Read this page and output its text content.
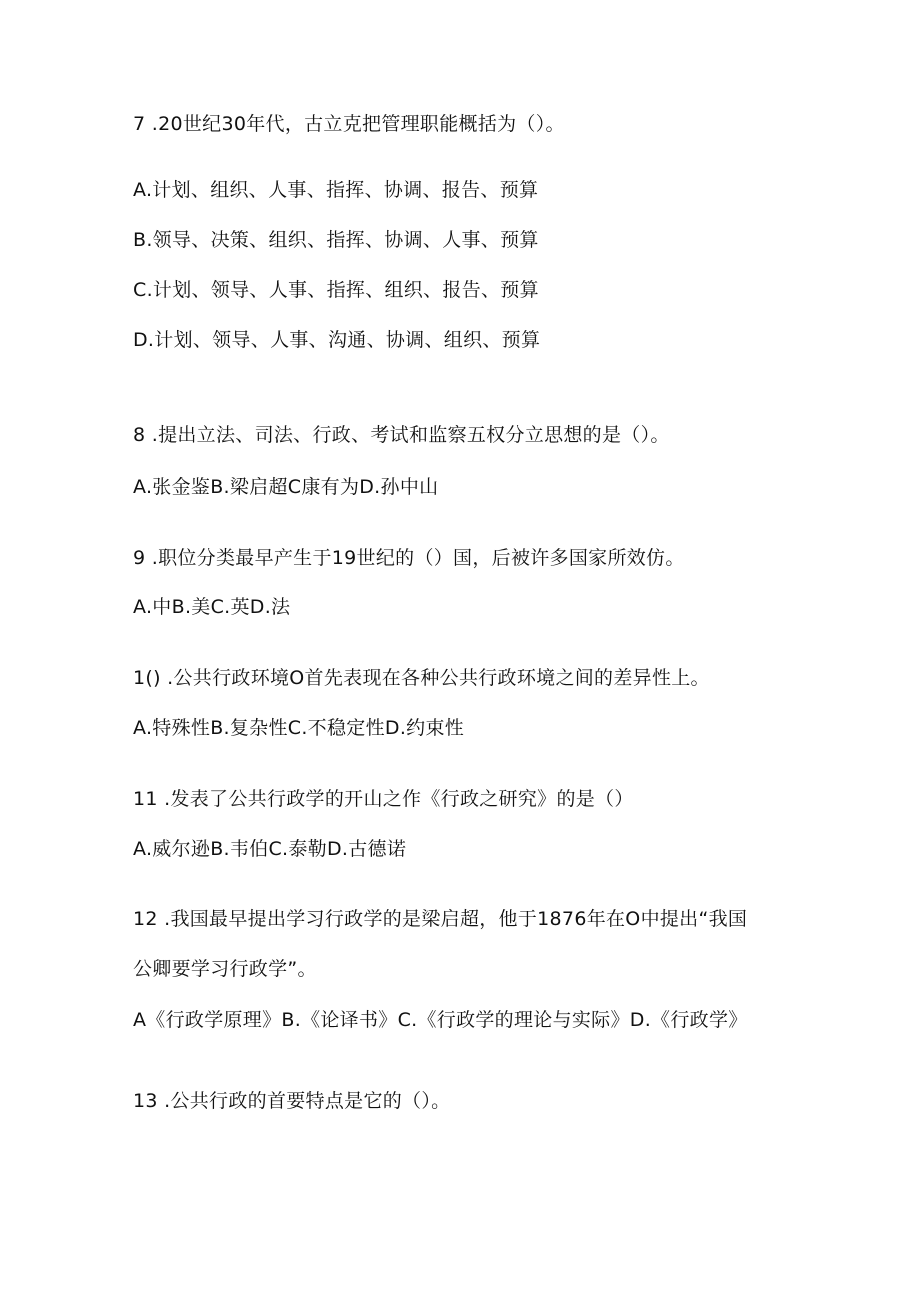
7 .20世纪30年代，古立克把管理职能概括为（）。
A.计划、组织、人事、指挥、协调、报告、预算
B.领导、决策、组织、指挥、协调、人事、预算
C.计划、领导、人事、指挥、组织、报告、预算
D.计划、领导、人事、沟通、协调、组织、预算
8 .提出立法、司法、行政、考试和监察五权分立思想的是（）。
A.张金鉴B.梁启超C康有为D.孙中山
9 .职位分类最早产生于19世纪的（）国，后被许多国家所效仿。
A.中B.美C.英D.法
1() .公共行政环境O首先表现在各种公共行政环境之间的差异性上。
A.特殊性B.复杂性C.不稳定性D.约束性
11 .发表了公共行政学的开山之作《行政之研究》的是（）
A.威尔逊B.韦伯C.泰勒D.古德诺
12 .我国最早提出学习行政学的是梁启超，他于1876年在O中提出“我国
公卿要学习行政学”。
A《行政学原理》B.《论译书》C.《行政学的理论与实际》D.《行政学》
13 .公共行政的首要特点是它的（）。
